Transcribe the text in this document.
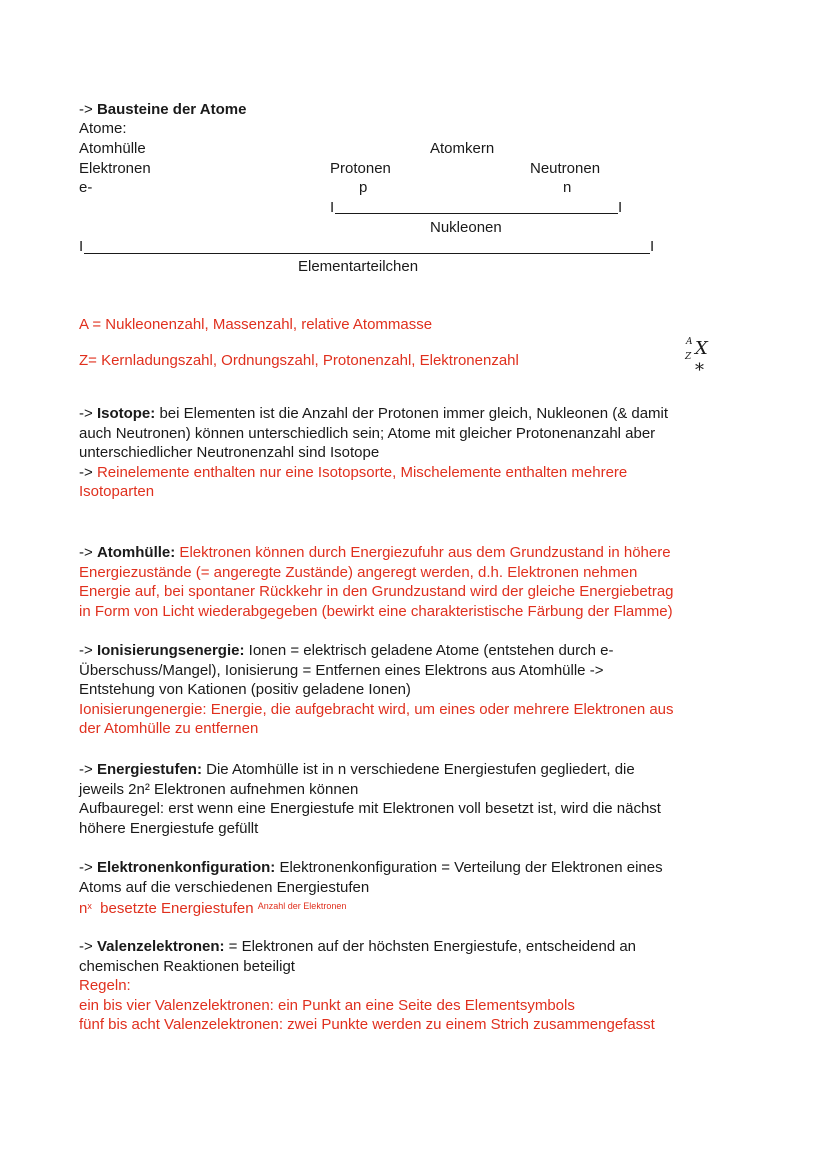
-> Bausteine der Atome
Atome:
Atomhülle	Atomkern
Elektronen	Protonen	Neutronen
e-	p	n
I	I
Nukleonen
I	I
Elementarteilchen
A = Nukleonenzahl, Massenzahl, relative Atommasse
Z= Kernladungszahl, Ordnungszahl, Protonenzahl, Elektronenzahl
A
Z X *
-> Isotope: bei Elementen ist die Anzahl der Protonen immer gleich, Nukleonen (& damit
auch Neutronen) können unterschiedlich sein; Atome mit gleicher Protonenanzahl aber
unterschiedlicher Neutronenzahl sind Isotope
-> Reinelemente enthalten nur eine Isotopsorte, Mischelemente enthalten mehrere
Isotoparten
-> Atomhülle: Elektronen können durch Energiezufuhr aus dem Grundzustand in höhere
Energiezustände (= angeregte Zustände) angeregt werden, d.h. Elektronen nehmen
Energie auf, bei spontaner Rückkehr in den Grundzustand wird der gleiche Energiebetrag
in Form von Licht wiederabgegeben (bewirkt eine charakteristische Färbung der Flamme)
-> Ionisierungsenergie: Ionen = elektrisch geladene Atome (entstehen durch e-
Überschuss/Mangel), Ionisierung = Entfernen eines Elektrons aus Atomhülle ->
Entstehung von Kationen (positiv geladene Ionen)
Ionisierungenergie: Energie, die aufgebracht wird, um eines oder mehrere Elektronen aus
der Atomhülle zu entfernen
-> Energiestufen: Die Atomhülle ist in n verschiedene Energiestufen gegliedert, die
jeweils 2n² Elektronen aufnehmen können
Aufbauregel: erst wenn eine Energiestufe mit Elektronen voll besetzt ist, wird die nächst
höhere Energiestufe gefüllt
-> Elektronenkonfiguration: Elektronenkonfiguration = Verteilung der Elektronen eines
Atoms auf die verschiedenen Energiestufen
$n^x$  besetzte Energiestufen $^{Anzahl der Elektronen}$
-> Valenzelektronen: = Elektronen auf der höchsten Energiestufe, entscheidend an
chemischen Reaktionen beteiligt
Regeln:
ein bis vier Valenzelektronen: ein Punkt an eine Seite des Elementsymbols
fünf bis acht Valenzelektronen: zwei Punkte werden zu einem Strich zusammengefasst
